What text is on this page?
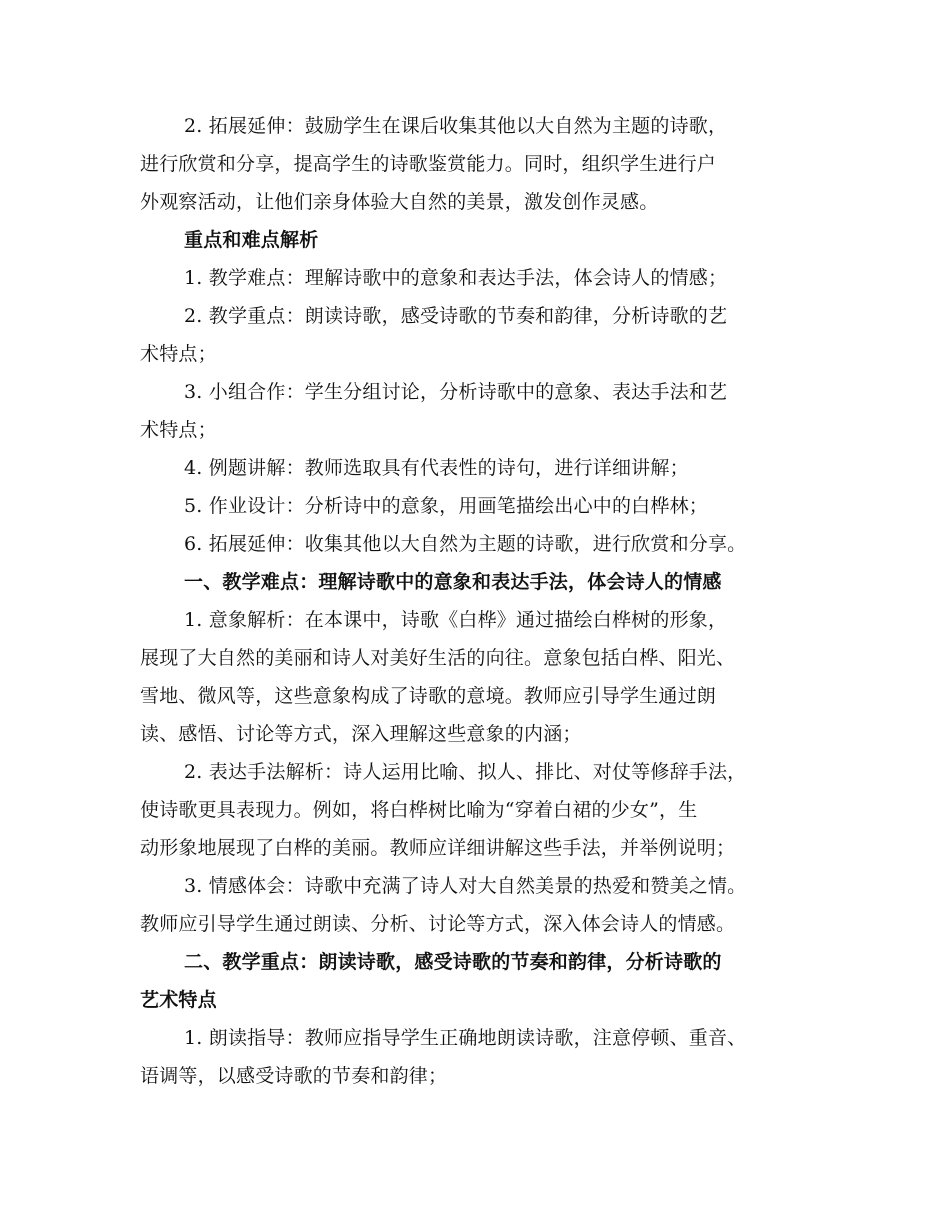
2. 拓展延伸：鼓励学生在课后收集其他以大自然为主题的诗歌，
进行欣赏和分享，提高学生的诗歌鉴赏能力。同时，组织学生进行户
外观察活动，让他们亲身体验大自然的美景，激发创作灵感。
重点和难点解析
1. 教学难点：理解诗歌中的意象和表达手法，体会诗人的情感；
2. 教学重点：朗读诗歌，感受诗歌的节奏和韵律，分析诗歌的艺
术特点；
3. 小组合作：学生分组讨论，分析诗歌中的意象、表达手法和艺
术特点；
4. 例题讲解：教师选取具有代表性的诗句，进行详细讲解；
5. 作业设计：分析诗中的意象，用画笔描绘出心中的白桦林；
6. 拓展延伸：收集其他以大自然为主题的诗歌，进行欣赏和分享。
一、教学难点：理解诗歌中的意象和表达手法，体会诗人的情感
1. 意象解析：在本课中，诗歌《白桦》通过描绘白桦树的形象，
展现了大自然的美丽和诗人对美好生活的向往。意象包括白桦、阳光、
雪地、微风等，这些意象构成了诗歌的意境。教师应引导学生通过朗
读、感悟、讨论等方式，深入理解这些意象的内涵；
2. 表达手法解析：诗人运用比喻、拟人、排比、对仗等修辞手法，
使诗歌更具表现力。例如，将白桦树比喻为“穿着白裙的少女”，生
动形象地展现了白桦的美丽。教师应详细讲解这些手法，并举例说明；
3. 情感体会：诗歌中充满了诗人对大自然美景的热爱和赞美之情。
教师应引导学生通过朗读、分析、讨论等方式，深入体会诗人的情感。
二、教学重点：朗读诗歌，感受诗歌的节奏和韵律，分析诗歌的
艺术特点
1. 朗读指导：教师应指导学生正确地朗读诗歌，注意停顿、重音、
语调等，以感受诗歌的节奏和韵律；
